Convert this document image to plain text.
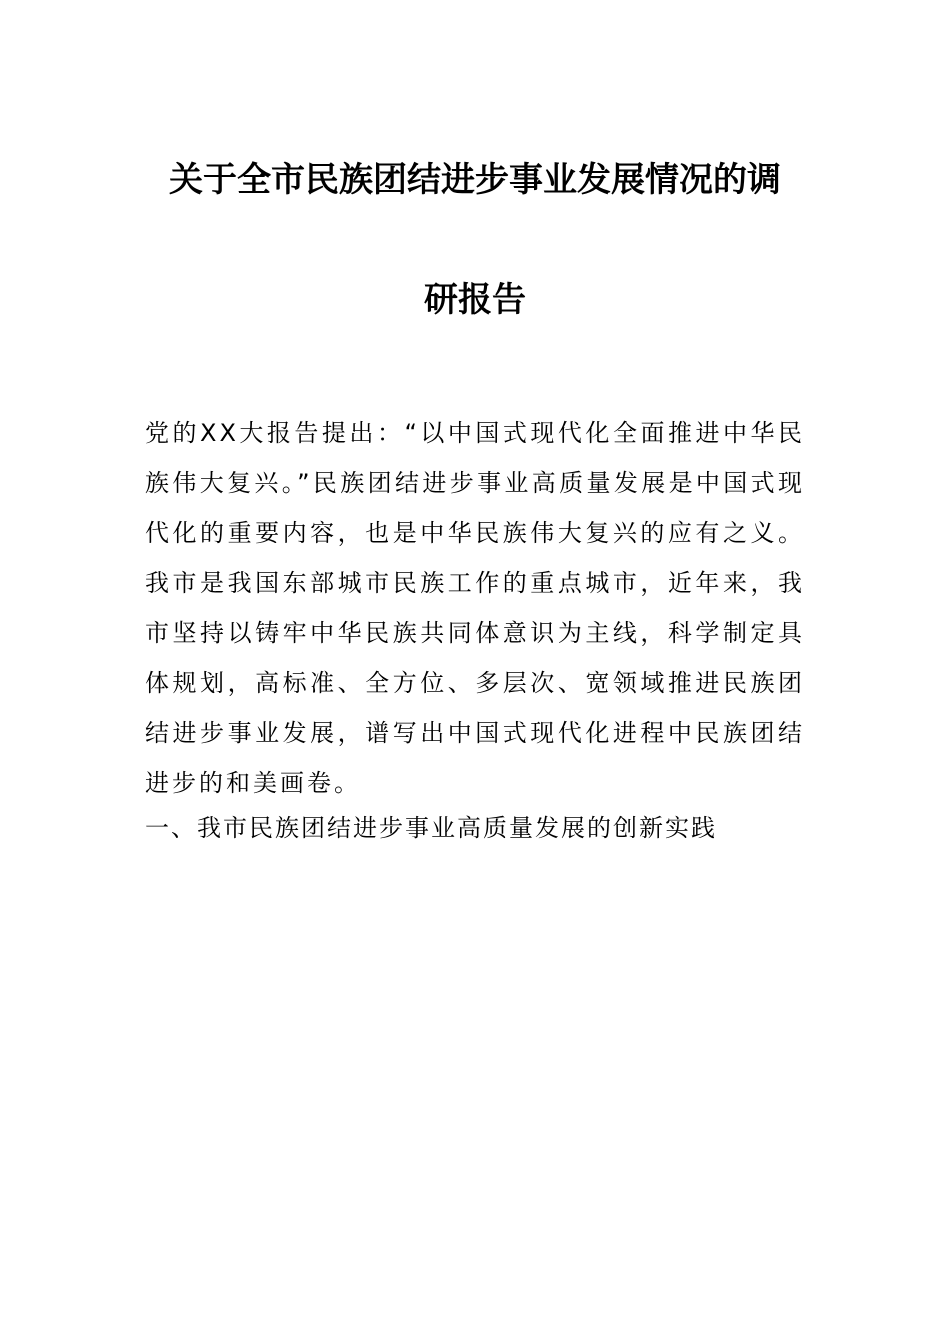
关于全市民族团结进步事业发展情况的调
研报告

党的XX大报告提出：“以中国式现代化全面推进中华民族伟大复兴。”民族团结进步事业高质量发展是中国式现代化的重要内容，也是中华民族伟大复兴的应有之义。我市是我国东部城市民族工作的重点城市，近年来，我市坚持以铸牢中华民族共同体意识为主线，科学制定具体规划，高标准、全方位、多层次、宽领域推进民族团结进步事业发展，谱写出中国式现代化进程中民族团结进步的和美画卷。

一、我市民族团结进步事业高质量发展的创新实践
